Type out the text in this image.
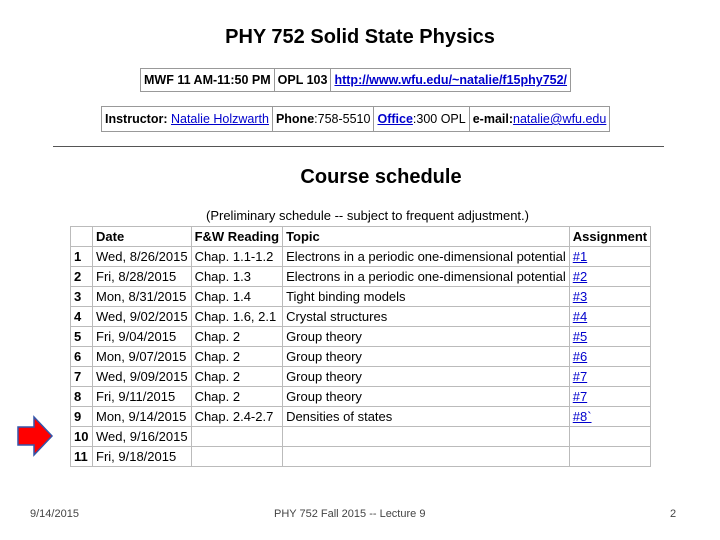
PHY 752 Solid State Physics
MWF 11 AM-11:50 PM	OPL 103	http://www.wfu.edu/~natalie/f15phy752/
Instructor: Natalie Holzwarth	Phone:758-5510	Office:300 OPL	e-mail:natalie@wfu.edu
Course schedule
(Preliminary schedule -- subject to frequent adjustment.)
	Date	F&W Reading	Topic	Assignment
1	Wed, 8/26/2015	Chap. 1.1-1.2	Electrons in a periodic one-dimensional potential	#1
2	Fri, 8/28/2015	Chap. 1.3	Electrons in a periodic one-dimensional potential	#2
3	Mon, 8/31/2015	Chap. 1.4	Tight binding models	#3
4	Wed, 9/02/2015	Chap. 1.6, 2.1	Crystal structures	#4
5	Fri, 9/04/2015	Chap. 2	Group theory	#5
6	Mon, 9/07/2015	Chap. 2	Group theory	#6
7	Wed, 9/09/2015	Chap. 2	Group theory	#7
8	Fri, 9/11/2015	Chap. 2	Group theory	#7
9	Mon, 9/14/2015	Chap. 2.4-2.7	Densities of states	#8`
10	Wed, 9/16/2015			
11	Fri, 9/18/2015			
9/14/2015	PHY 752 Fall 2015 -- Lecture 9	2
